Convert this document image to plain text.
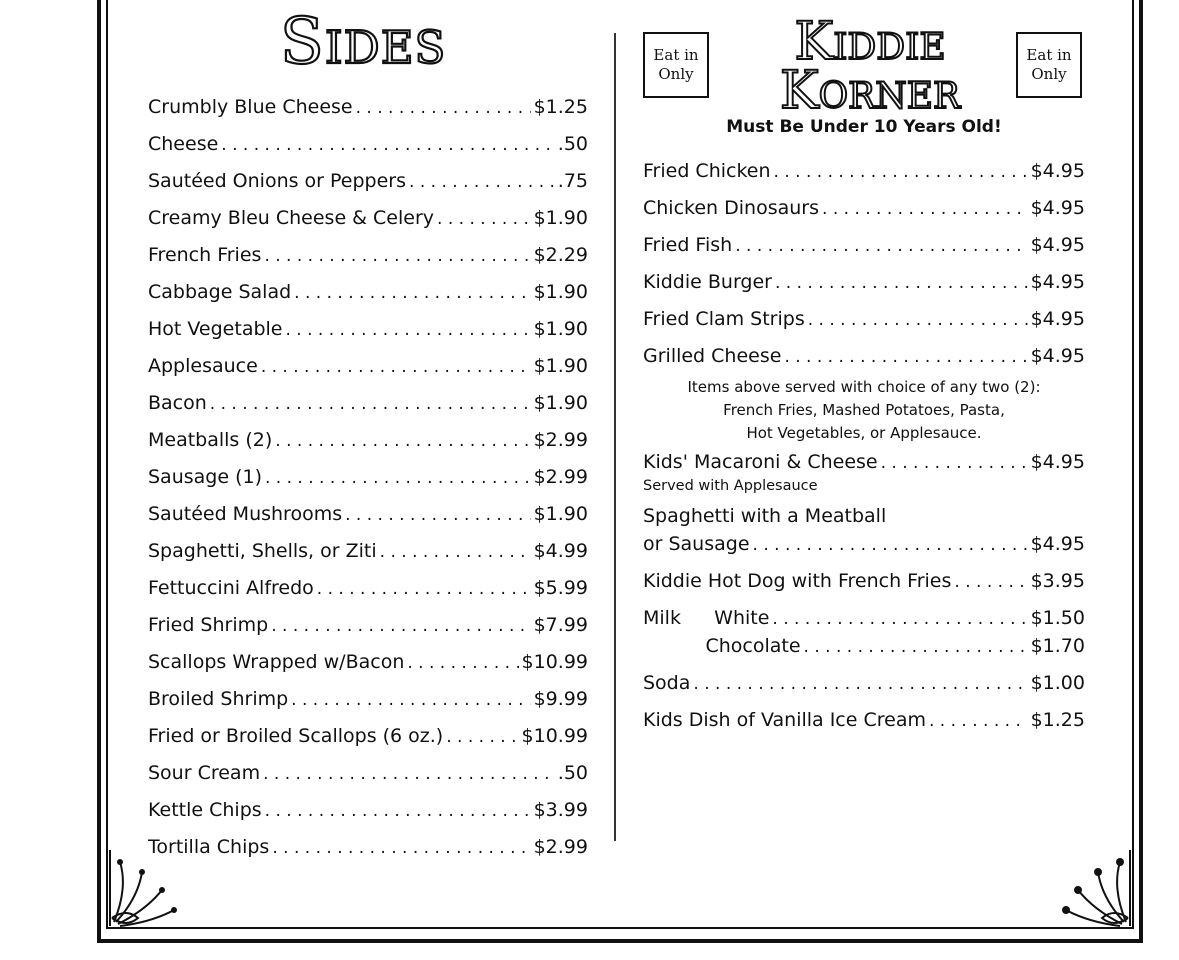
Sides	Eat in Only
Kiddie
Korner
Eat in Only
Must Be Under 10 Years Old!
Crumbly Blue Cheese . . .	$1.25
Cheese . . .	.50
Sautéed Onions or Peppers . . .	.75
Creamy Bleu Cheese & Celery . . .	$1.90
French Fries . . .	$2.29
Cabbage Salad . . .	$1.90
Hot Vegetable . . .	$1.90
Applesauce . . .	$1.90
Bacon . . .	$1.90
Meatballs (2) . . .	$2.99
Sausage (1) . . .	$2.99
Sautéed Mushrooms . . .	$1.90
Spaghetti, Shells, or Ziti . . .	$4.99
Fettuccini Alfredo . . .	$5.99
Fried Shrimp . . .	$7.99
Scallops Wrapped w/Bacon . . .	$10.99
Broiled Shrimp . . .	$9.99
Fried or Broiled Scallops (6 oz.) . . .	$10.99
Sour Cream . . .	.50
Kettle Chips . . .	$3.99
Tortilla Chips . . .	$2.99
Fried Chicken . . .	$4.95
Chicken Dinosaurs . . .	$4.95
Fried Fish . . .	$4.95
Kiddie Burger . . .	$4.95
Fried Clam Strips . . .	$4.95
Grilled Cheese . . .	$4.95
Items above served with choice of any two (2):
French Fries, Mashed Potatoes, Pasta,
Hot Vegetables, or Applesauce.
Kids' Macaroni & Cheese . . .	$4.95
Served with Applesauce
Spaghetti with a Meatball
or Sausage . . .	$4.95
Kiddie Hot Dog with French Fries . . .	$3.95
Milk	White . . .	$1.50
Chocolate . . .	$1.70
Soda . . .	$1.00
Kids Dish of Vanilla Ice Cream . . .	$1.25
